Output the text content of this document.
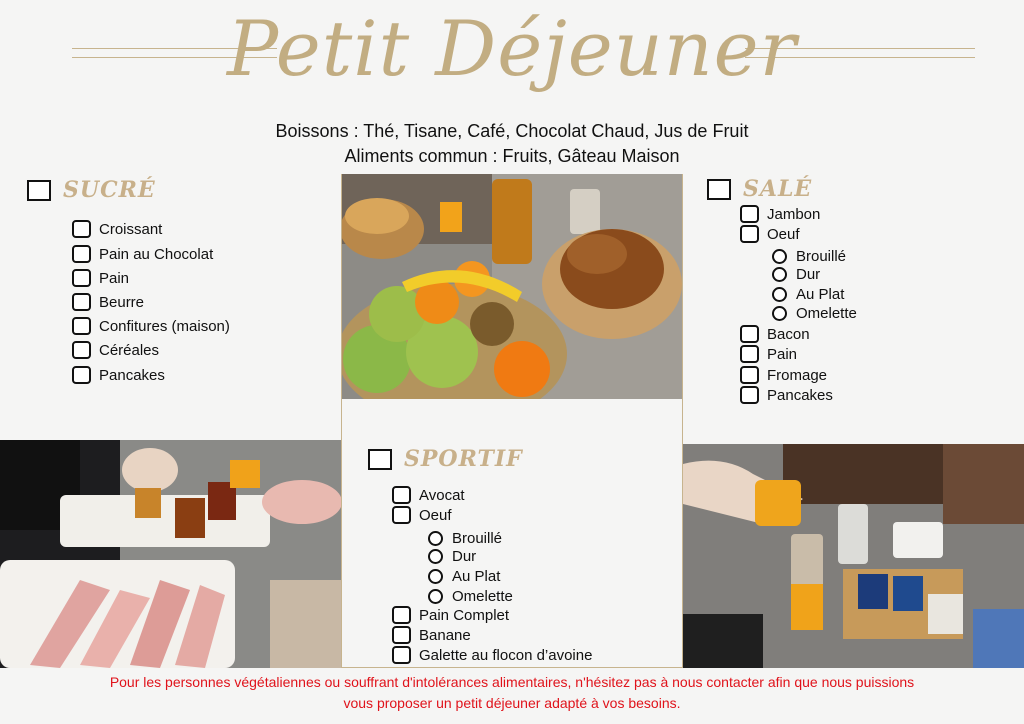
Petit Déjeuner
Boissons : Thé, Tisane, Café, Chocolat Chaud, Jus de Fruit
Aliments commun : Fruits, Gâteau Maison
SUCRÉ
Croissant
Pain au Chocolat
Pain
Beurre
Confitures (maison)
Céréales
Pancakes
SALÉ
Jambon
Oeuf
Brouillé
Dur
Au Plat
Omelette
Bacon
Pain
Fromage
Pancakes
SPORTIF
Avocat
Oeuf
Brouillé
Dur
Au Plat
Omelette
Pain Complet
Banane
Galette au flocon d’avoine
Pour les personnes végétaliennes ou souffrant d'intolérances alimentaires, n'hésitez pas à nous contacter afin que nous puissions
vous proposer un petit déjeuner adapté à vos besoins.
